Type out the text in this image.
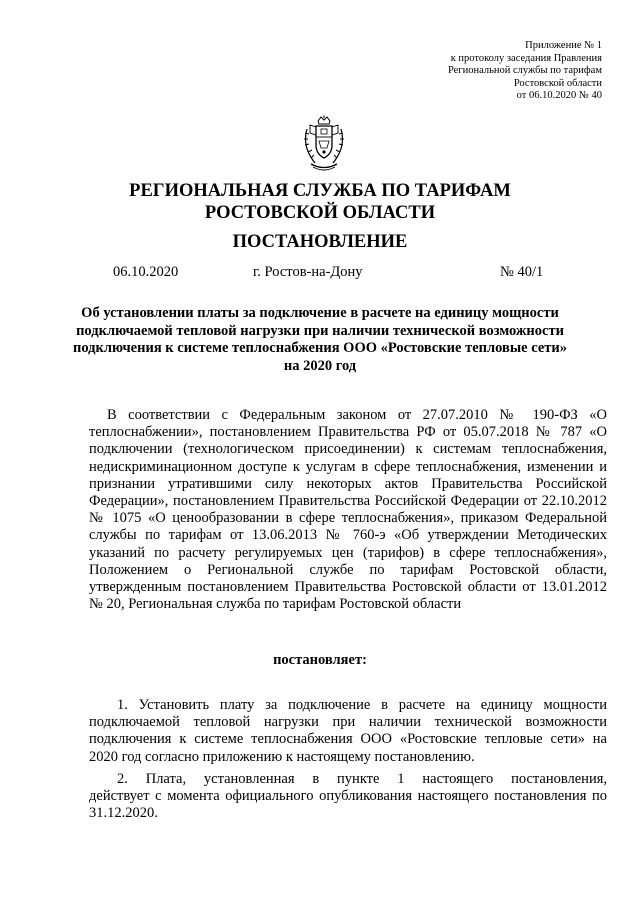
Приложение № 1
к протоколу заседания Правления
Региональной службы по тарифам
Ростовской области
от 06.10.2020 № 40
РЕГИОНАЛЬНАЯ СЛУЖБА ПО ТАРИФАМ
РОСТОВСКОЙ ОБЛАСТИ
ПОСТАНОВЛЕНИЕ
06.10.2020	г. Ростов-на-Дону	№ 40/1
Об установлении платы за подключение в расчете на единицу мощности
подключаемой тепловой нагрузки при наличии технической возможности
подключения к системе теплоснабжения ООО «Ростовские тепловые сети»
на 2020 год
В соответствии с Федеральным законом от 27.07.2010 № 190-ФЗ «О
теплоснабжении», постановлением Правительства РФ от 05.07.2018 № 787 «О
подключении (технологическом присоединении) к системам теплоснабжения,
недискриминационном доступе к услугам в сфере теплоснабжения, изменении и
признании утратившими силу некоторых актов Правительства Российской
Федерации», постановлением Правительства Российской Федерации от 22.10.2012
№ 1075 «О ценообразовании в сфере теплоснабжения», приказом Федеральной
службы по тарифам от 13.06.2013 № 760-э «Об утверждении Методических
указаний по расчету регулируемых цен (тарифов) в сфере теплоснабжения»,
Положением о Региональной службе по тарифам Ростовской области,
утвержденным постановлением Правительства Ростовской области от 13.01.2012
№ 20, Региональная служба по тарифам Ростовской области
постановляет:
1. Установить плату за подключение в расчете на единицу мощности
подключаемой тепловой нагрузки при наличии технической возможности
подключения к системе теплоснабжения ООО «Ростовские тепловые сети» на
2020 год согласно приложению к настоящему постановлению.
2. Плата, установленная в пункте 1 настоящего постановления,
действует с момента официального опубликования настоящего постановления по
31.12.2020.
